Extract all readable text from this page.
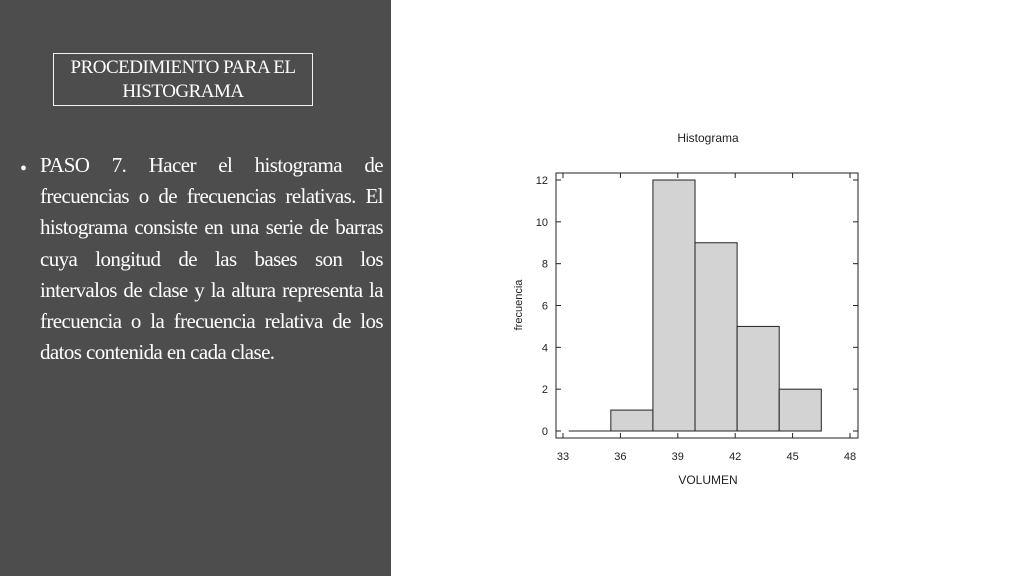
PROCEDIMIENTO PARA EL
HISTOGRAMA
• PASO 7. Hacer el histograma de frecuencias o de frecuencias relativas. El histograma consiste en una serie de barras cuya longitud de las bases son los intervalos de clase y la altura representa la frecuencia o la frecuencia relativa de los datos contenida en cada clase.
Histograma
frecuencia
VOLUMEN
0
2
4
6
8
10
12
33	36	39	42	45	48
